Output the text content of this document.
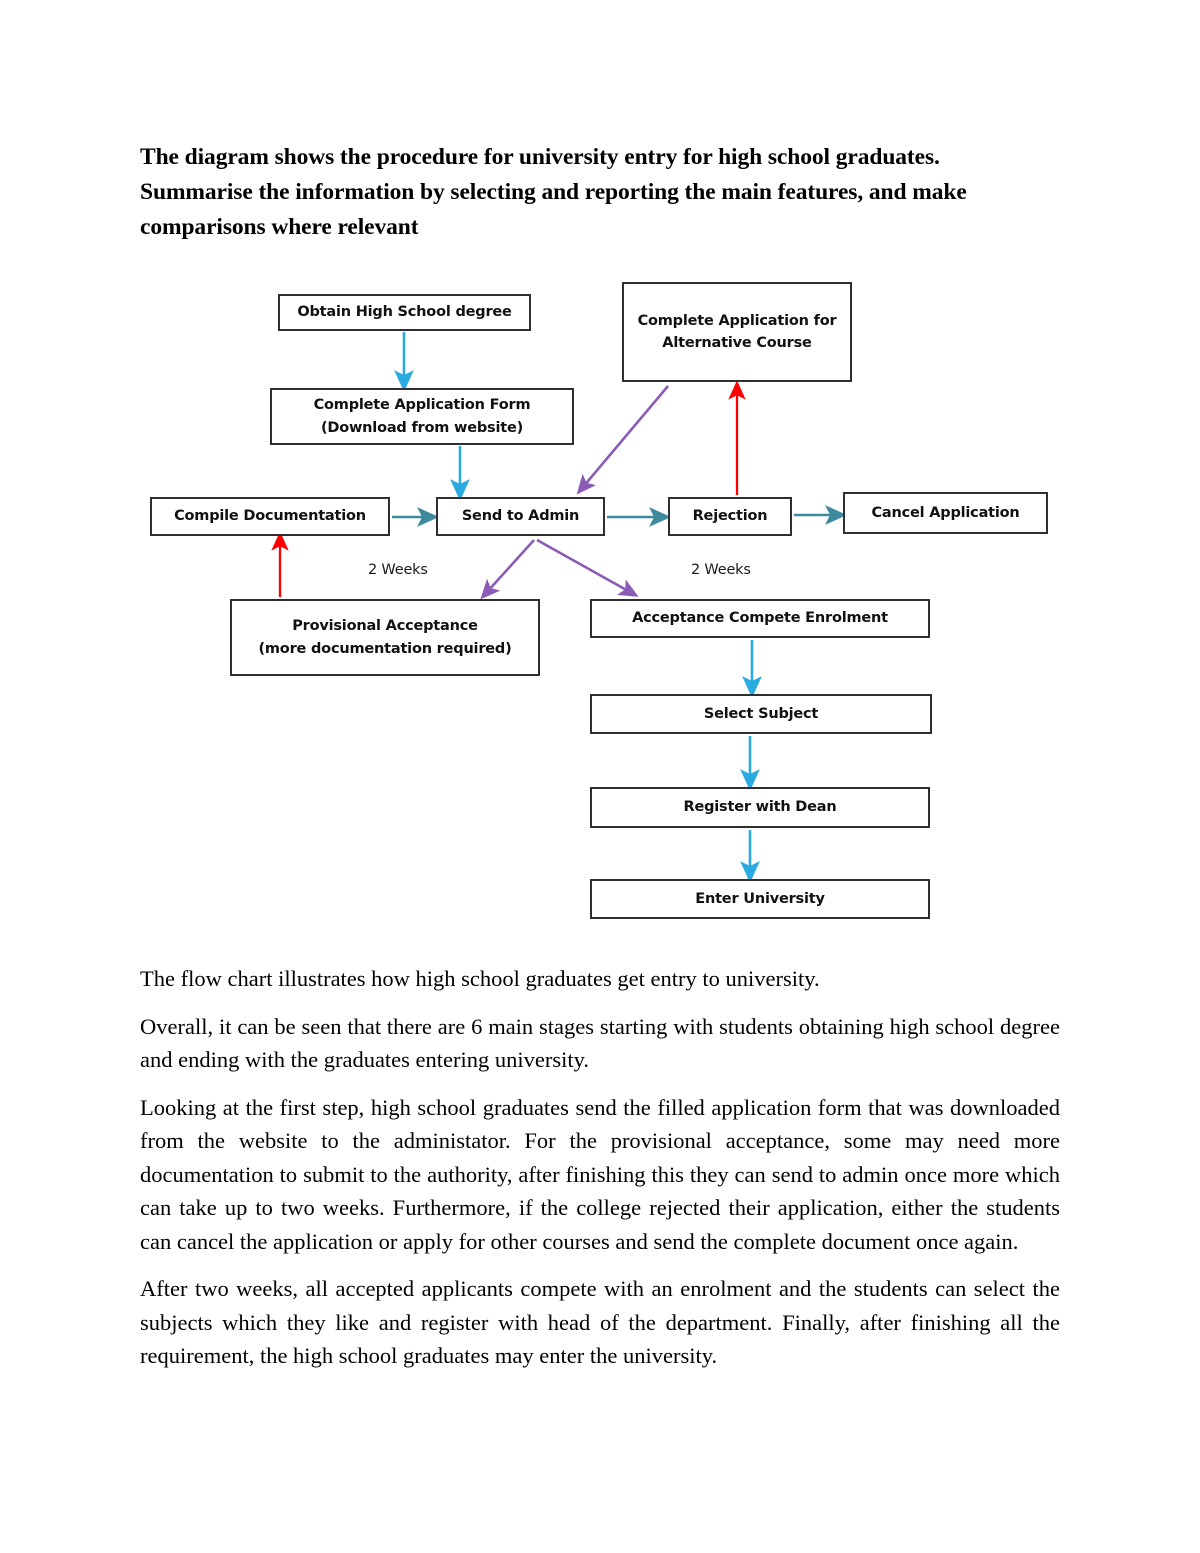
The diagram shows the procedure for university entry for high school graduates. Summarise the information by selecting and reporting the main features, and make comparisons where relevant
Obtain High School degree
Complete Application for
Alternative Course
Complete Application Form
(Download from website)
Compile Documentation	Send to Admin	Rejection	Cancel Application
Provisional Acceptance
(more documentation required)
Acceptance Compete Enrolment
Select Subject
Register with Dean
Enter University
2 Weeks	2 Weeks

The flow chart illustrates how high school graduates get entry to university.

Overall, it can be seen that there are 6 main stages starting with students obtaining high school degree and ending with the graduates entering university.

Looking at the first step, high school graduates send the filled application form that was downloaded from the website to the administator. For the provisional acceptance, some may need more documentation to submit to the authority, after finishing this they can send to admin once more which can take up to two weeks. Furthermore, if the college rejected their application, either the students can cancel the application or apply for other courses and send the complete document once again.

After two weeks, all accepted applicants compete with an enrolment and the students can select the subjects which they like and register with head of the department. Finally, after finishing all the requirement, the high school graduates may enter the university.
